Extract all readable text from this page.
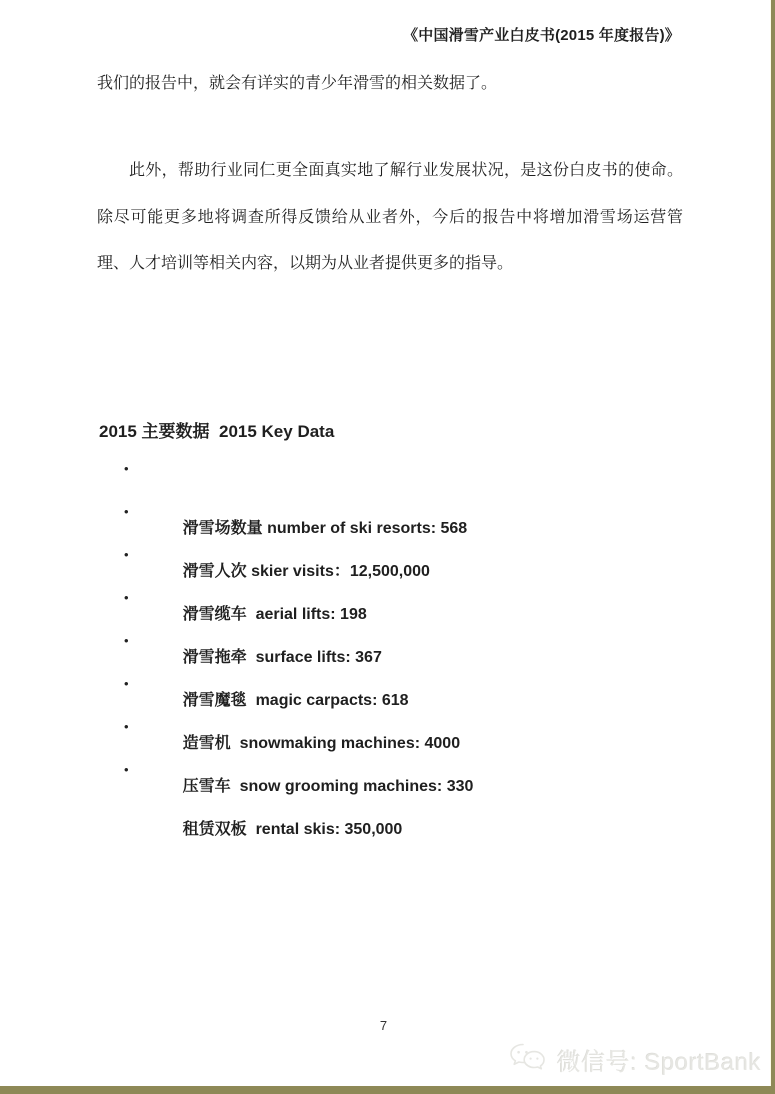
《中国滑雪产业白皮书(2015 年度报告)》

我们的报告中，就会有详实的青少年滑雪的相关数据了。

此外，帮助行业同仁更全面真实地了解行业发展状况，是这份白皮书的使命。除尽可能更多地将调查所得反馈给从业者外，今后的报告中将增加滑雪场运营管理、人才培训等相关内容，以期为从业者提供更多的指导。

2015 主要数据  2015 Key Data

•

滑雪场数量 number of ski resorts: 568

•

滑雪人次 skier visits：12,500,000

•

滑雪缆车  aerial lifts: 198

•

滑雪拖牵  surface lifts: 367

•

滑雪魔毯  magic carpacts: 618

•

造雪机  snowmaking machines: 4000

•

压雪车  snow grooming machines: 330

•

租赁双板  rental skis: 350,000

7
微信号: SportBank
